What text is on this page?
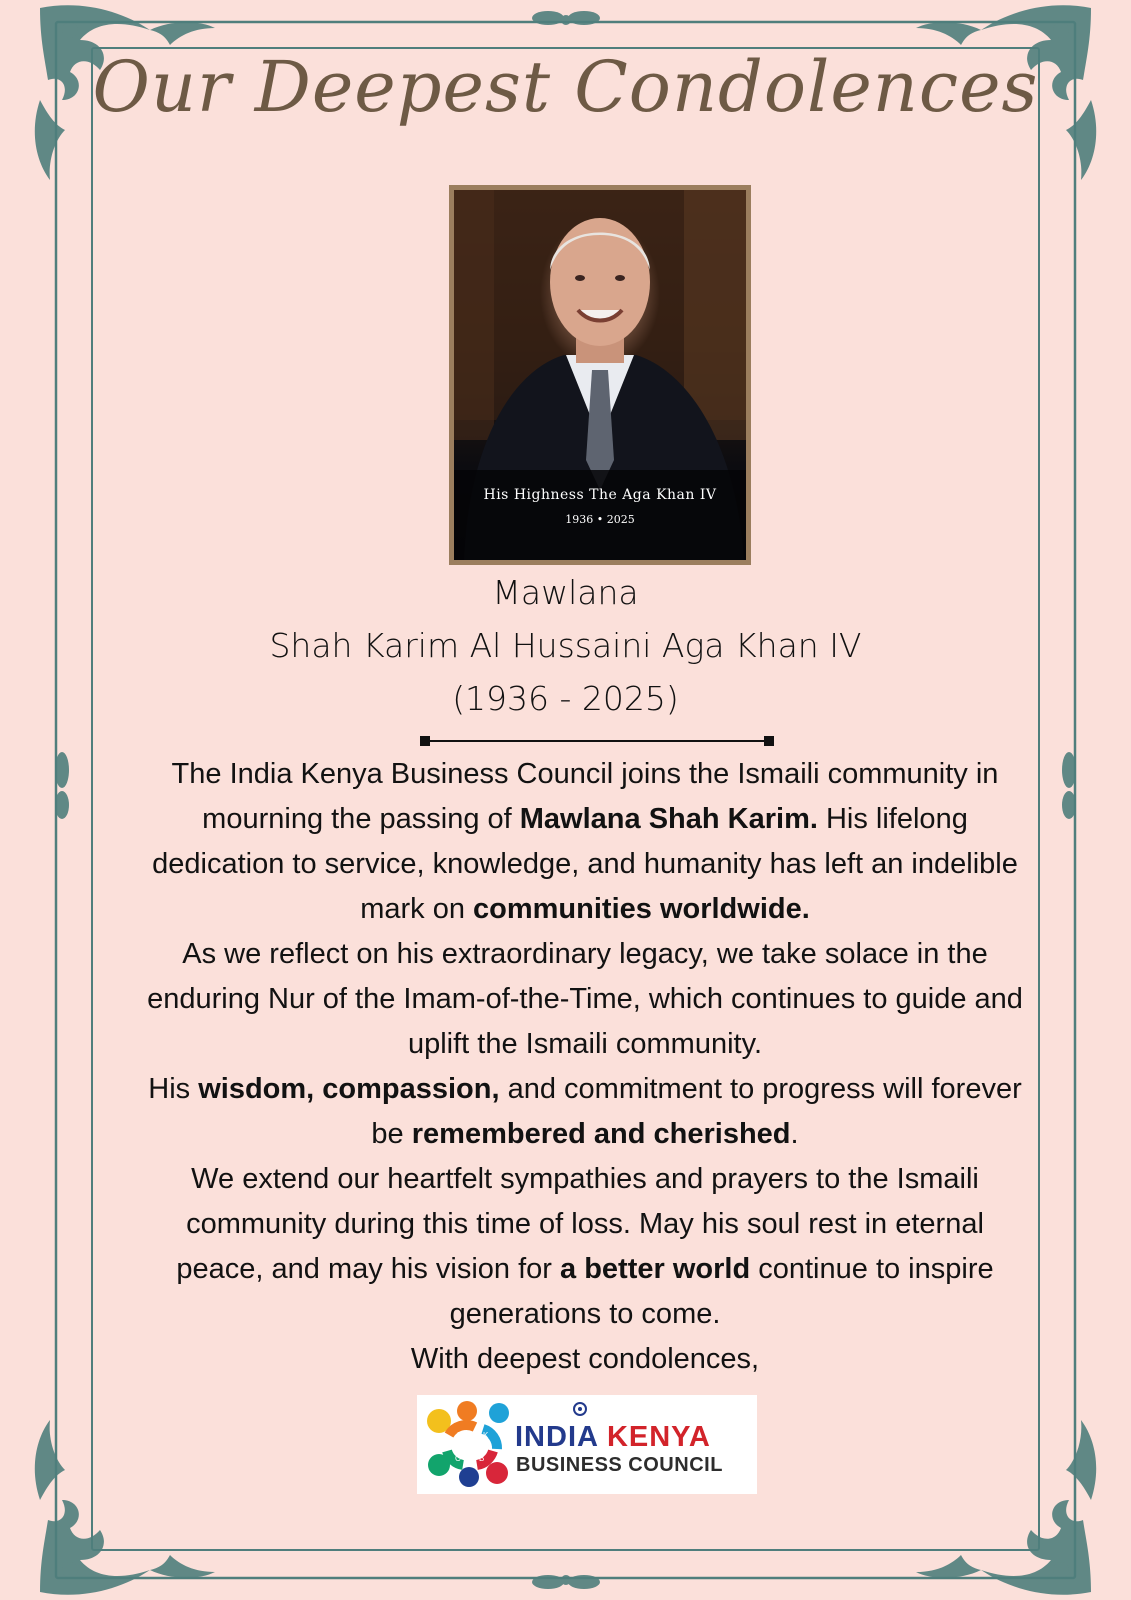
Our Deepest Condolences
His Highness The Aga Khan IV
1936 • 2025
Mawlana
Shah Karim Al Hussaini Aga Khan IV
(1936 - 2025)

The India Kenya Business Council joins the Ismaili community in mourning the passing of Mawlana Shah Karim. His lifelong dedication to service, knowledge, and humanity has left an indelible mark on communities worldwide.

As we reflect on his extraordinary legacy, we take solace in the enduring Nur of the Imam-of-the-Time, which continues to guide and uplift the Ismaili community.

His wisdom, compassion, and commitment to progress will forever be remembered and cherished.

We extend our heartfelt sympathies and prayers to the Ismaili community during this time of loss. May his soul rest in eternal peace, and may his vision for a better world continue to inspire generations to come.

With deepest condolences,

I	K
B
C
INDIA KENYA
BUSINESS COUNCIL
